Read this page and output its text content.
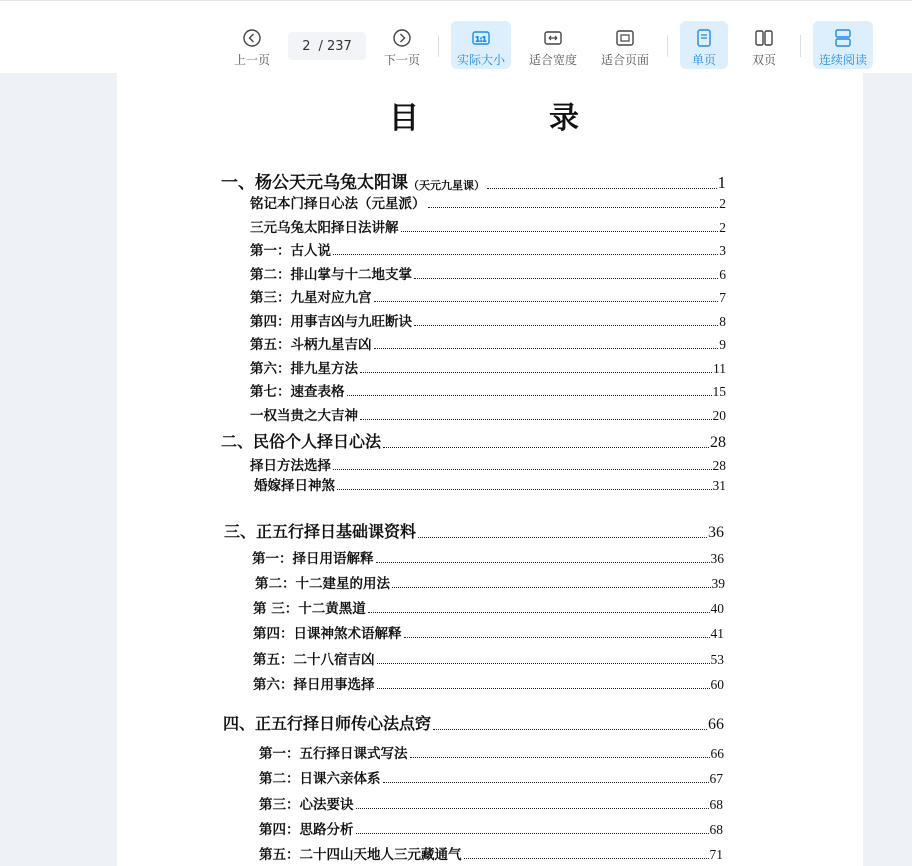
上一页
2 / 237
下一页
1:1
实际大小 适合宽度 适合页面	单页	双页	连续阅读
目	录
一、杨公天元乌兔太阳课 （天元九星课）	1
铭记本门择日心法（元星派）	2
三元乌兔太阳择日法讲解	2
第一：古人说	3
第二：排山掌与十二地支掌	6
第三：九星对应九宫	7
第四：用事吉凶与九旺断诀	8
第五：斗柄九星吉凶	9
第六：排九星方法	11
第七：速查表格	15
一权当贵之大吉神	20
二、民俗个人择日心法	28
择日方法选择	28
婚嫁择日神煞	31
三、正五行择日基础课资料	36
第一：择日用语解释	36
第二：十二建星的用法	39
第 三：十二黄黑道	40
第四：日课神煞术语解释	41
第五：二十八宿吉凶	53
第六：择日用事选择	60
四、正五行择日师传心法点窍	66
第一：五行择日课式写法	66
第二：日课六亲体系	67
第三：心法要诀	68
第四：思路分析	68
第五：二十四山天地人三元藏通气	71
